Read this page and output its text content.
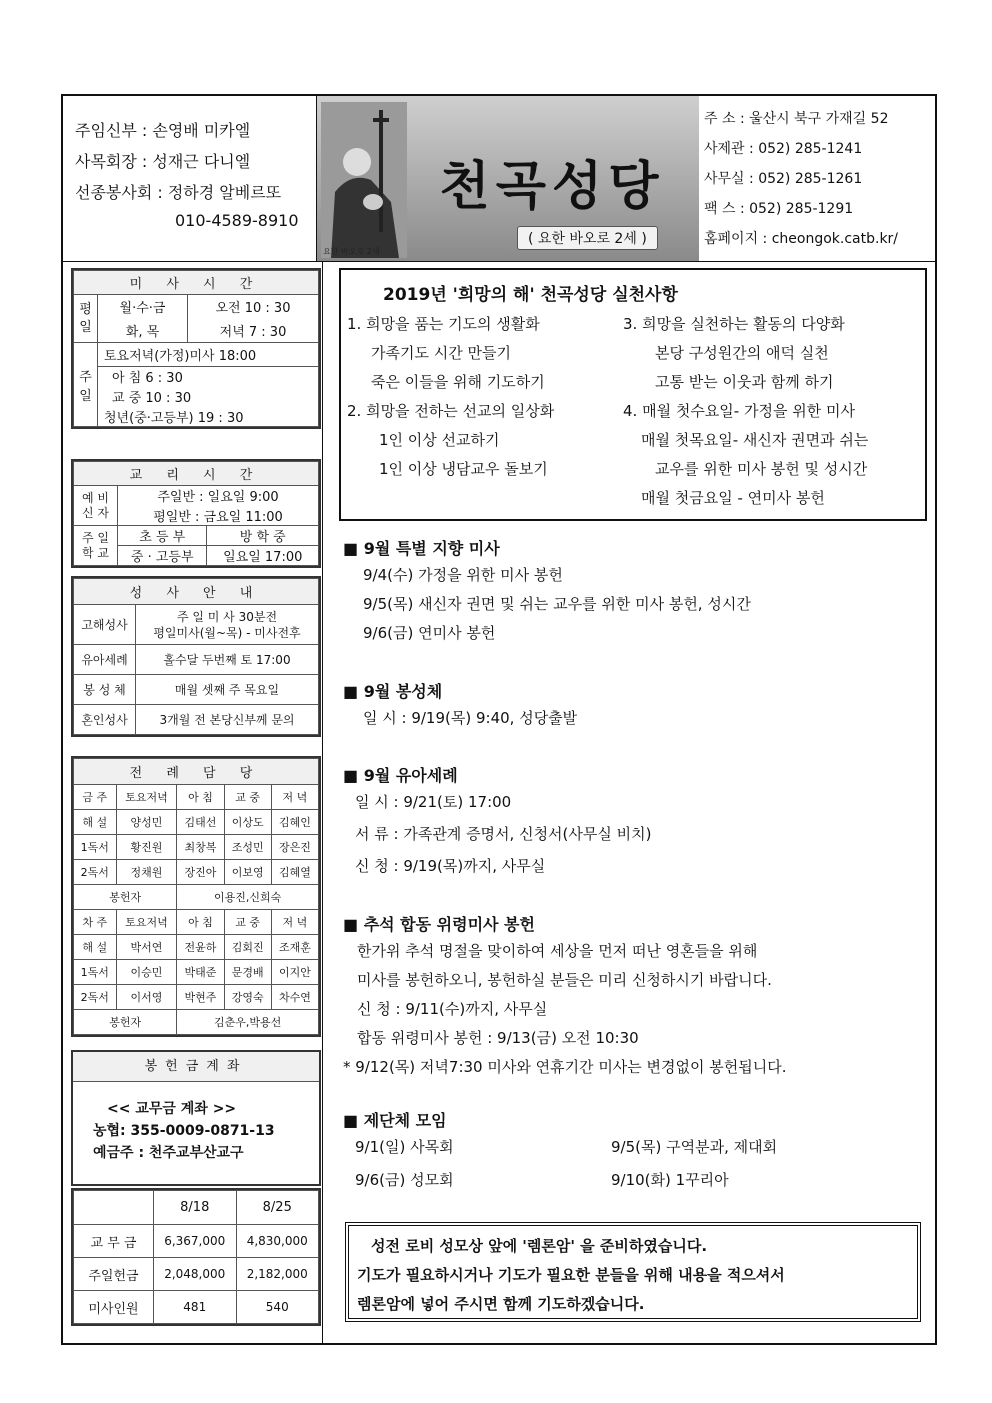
주임신부 : 손영배 미카엘
사목회장 : 성재근 다니엘
선종봉사회 : 정하경 알베르또
010-4589-8910
요한 바오로 2세
천곡성당
( 요한 바오로 2세 )
주 소 : 울산시 북구 가재길 52
사제관 : 052) 285-1241
사무실 : 052) 285-1261
팩 스 : 052) 285-1291
홈페이지 : cheongok.catb.kr/
미 사 시 간		
평일	월·수·금	오전 10 : 30
	화, 목	저녁 7 : 30
주일	토요저녁(가정)미사 18:00	
	아 침 6 : 30	
	교 중 10 : 30	
	청년(중·고등부) 19 : 30	
교 리 시 간		
예 비
신 자	주일반 : 일요일 9:00	
	평일반 : 금요일 11:00	
주 일
학 교	초 등 부	방 학 중
	중 · 고등부	일요일 17:00
성 사 안 내	
고해성사	주 일 미 사 30분전
평일미사(월~목) - 미사전후
유아세례	홀수달 두번째 토 17:00
봉 성 체	매월 셋째 주 목요일
혼인성사	3개월 전 본당신부께 문의
전 례 담 당				
금 주	토요저녁	아 침	교 중	저 녁
해 설	양성민	김태선	이상도	김혜인
1독서	황진원	최창복	조성민	장은진
2독서	정채원	장진아	이보영	김혜열
봉헌자		이용진,신희숙		
차 주	토요저녁	아 침	교 중	저 녁
해 설	박서연	전윤하	김회진	조재훈
1독서	이승민	박태준	문경배	이지안
2독서	이서영	박현주	강영숙	차수연
봉헌자		김춘우,박용선		
봉헌금계좌
<< 교무금 계좌 >>
농협: 355-0009-0871-13
예금주 : 천주교부산교구
	8/18	8/25
교 무 금	6,367,000	4,830,000
주일헌금	2,048,000	2,182,000
미사인원	481	540
2019년 '희망의 해' 천곡성당 실천사항
1. 희망을 품는 기도의 생활화
가족기도 시간 만들기
죽은 이들을 위해 기도하기
2. 희망을 전하는 선교의 일상화
1인 이상 선교하기
1인 이상 냉담교우 돌보기
3. 희망을 실천하는 활동의 다양화
본당 구성원간의 애덕 실천
고통 받는 이웃과 함께 하기
4. 매월 첫수요일- 가정을 위한 미사
매월 첫목요일- 새신자 권면과 쉬는
교우를 위한 미사 봉헌 및 성시간
매월 첫금요일 - 연미사 봉헌
■ 9월 특별 지향 미사
9/4(수) 가정을 위한 미사 봉헌
9/5(목) 새신자 권면 및 쉬는 교우를 위한 미사 봉헌, 성시간
9/6(금) 연미사 봉헌
■ 9월 봉성체
일 시 : 9/19(목) 9:40, 성당출발
■ 9월 유아세례
일 시 : 9/21(토) 17:00
서 류 : 가족관계 증명서, 신청서(사무실 비치)
신 청 : 9/19(목)까지, 사무실
■ 추석 합동 위령미사 봉헌
한가위 추석 명절을 맞이하여 세상을 먼저 떠난 영혼들을 위해
미사를 봉헌하오니, 봉헌하실 분들은 미리 신청하시기 바랍니다.
신 청 : 9/11(수)까지, 사무실
합동 위령미사 봉헌 : 9/13(금) 오전 10:30
* 9/12(목) 저녁7:30 미사와 연휴기간 미사는 변경없이 봉헌됩니다.
■ 제단체 모임
9/1(일) 사목회	9/5(목) 구역분과, 제대회
9/6(금) 성모회	9/10(화) 1꾸리아
성전 로비 성모상 앞에 '렘론암' 을 준비하였습니다.
기도가 필요하시거나 기도가 필요한 분들을 위해 내용을 적으셔서
렘론암에 넣어 주시면 함께 기도하겠습니다.
